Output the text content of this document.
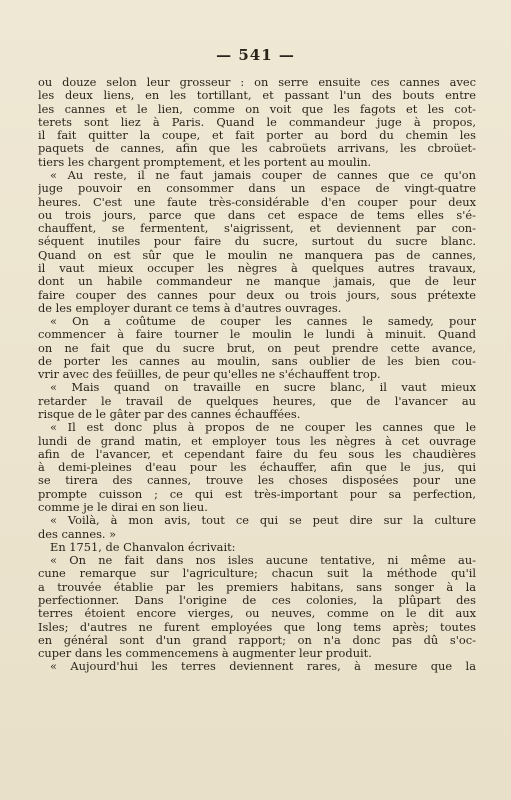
— 541 —
ou douze selon leur grosseur : on serre ensuite ces cannes avec
les deux liens, en les tortillant, et passant l'un des bouts entre
les cannes et le lien, comme on voit que les fagots et les cot-
terets sont liez à Paris. Quand le commandeur juge à propos,
il fait quitter la coupe, et fait porter au bord du chemin les
paquets de cannes, afin que les cabroüets arrivans, les cbroüet-
tiers les chargent promptement, et les portent au moulin.
« Au reste, il ne faut jamais couper de cannes que ce qu'on
juge pouvoir en consommer dans un espace de vingt-quatre
heures. C'est une faute très-considérable d'en couper pour deux
ou trois jours, parce que dans cet espace de tems elles s'é-
chauffent, se fermentent, s'aigrissent, et deviennent par con-
séquent inutiles pour faire du sucre, surtout du sucre blanc.
Quand on est sûr que le moulin ne manquera pas de cannes,
il vaut mieux occuper les nègres à quelques autres travaux,
dont un habile commandeur ne manque jamais, que de leur
faire couper des cannes pour deux ou trois jours, sous prétexte
de les employer durant ce tems à d'autres ouvrages.
« On a coûtume de couper les cannes le samedy, pour
commencer à faire tourner le moulin le lundi à minuit. Quand
on ne fait que du sucre brut, on peut prendre cette avance,
de porter les cannes au moulin, sans oublier de les bien cou-
vrir avec des feüilles, de peur qu'elles ne s'échauffent trop.
« Mais quand on travaille en sucre blanc, il vaut mieux
retarder le travail de quelques heures, que de l'avancer au
risque de le gâter par des cannes échauffées.
« Il est donc plus à propos de ne couper les cannes que le
lundi de grand matin, et employer tous les nègres à cet ouvrage
afin de l'avancer, et cependant faire du feu sous les chaudières
à demi-pleines d'eau pour les échauffer, afin que le jus, qui
se tirera des cannes, trouve les choses disposées pour une
prompte cuisson ; ce qui est très-important pour sa perfection,
comme je le dirai en son lieu.
« Voilà, à mon avis, tout ce qui se peut dire sur la culture
des cannes. »
En 1751, de Chanvalon écrivait:
« On ne fait dans nos isles aucune tentative, ni même au-
cune remarque sur l'agriculture; chacun suit la méthode qu'il
a trouvée établie par les premiers habitans, sans songer à la
perfectionner. Dans l'origine de ces colonies, la plûpart des
terres étoient encore vierges, ou neuves, comme on le dit aux
Isles; d'autres ne furent employées que long tems après; toutes
en général sont d'un grand rapport; on n'a donc pas dû s'oc-
cuper dans les commencemens à augmenter leur produit.
« Aujourd'hui les terres deviennent rares, à mesure que la
